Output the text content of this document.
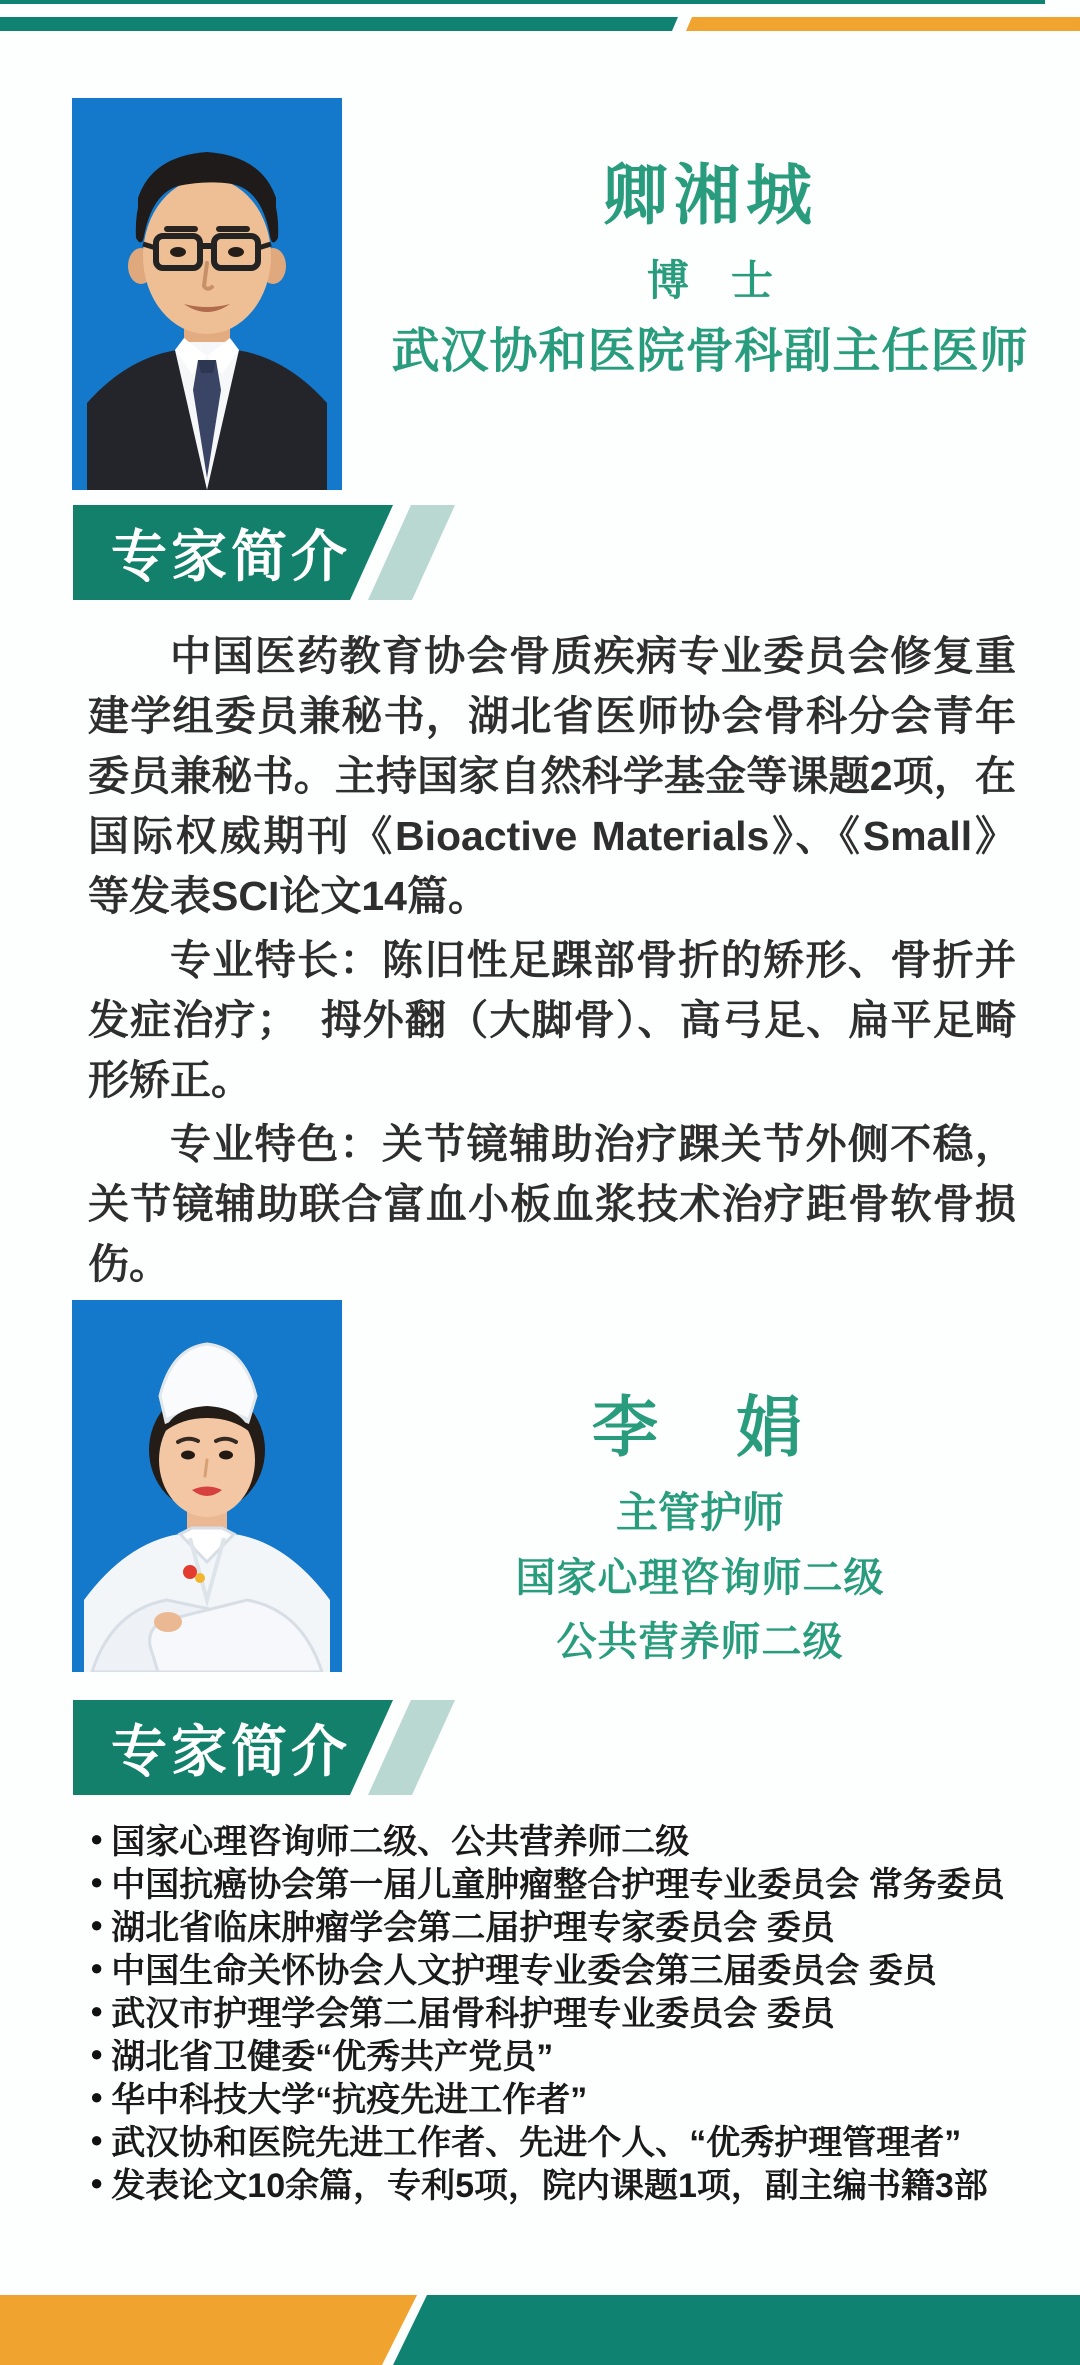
卿湘城
博　士
武汉协和医院骨科副主任医师
专家简介

中国医药教育协会骨质疾病专业委员会修复重建学组委员兼秘书，湖北省医师协会骨科分会青年委员兼秘书。主持国家自然科学基金等课题2项，在国际权威期刊《Bioactive Materials》、《Small》等发表SCI论文14篇。

专业特长：陈旧性足踝部骨折的矫形、骨折并发症治疗；　拇外翻（大脚骨）、高弓足、扁平足畸形矫正。

专业特色：关节镜辅助治疗踝关节外侧不稳，关节镜辅助联合富血小板血浆技术治疗距骨软骨损伤。

李　娟
主管护师
国家心理咨询师二级
公共营养师二级
专家简介
● 国家心理咨询师二级、公共营养师二级
● 中国抗癌协会第一届儿童肿瘤整合护理专业委员会 常务委员
● 湖北省临床肿瘤学会第二届护理专家委员会 委员
● 中国生命关怀协会人文护理专业委会第三届委员会 委员
● 武汉市护理学会第二届骨科护理专业委员会 委员
● 湖北省卫健委“优秀共产党员”
● 华中科技大学“抗疫先进工作者”
● 武汉协和医院先进工作者、先进个人、“优秀护理管理者”
● 发表论文10余篇，专利5项，院内课题1项，副主编书籍3部
